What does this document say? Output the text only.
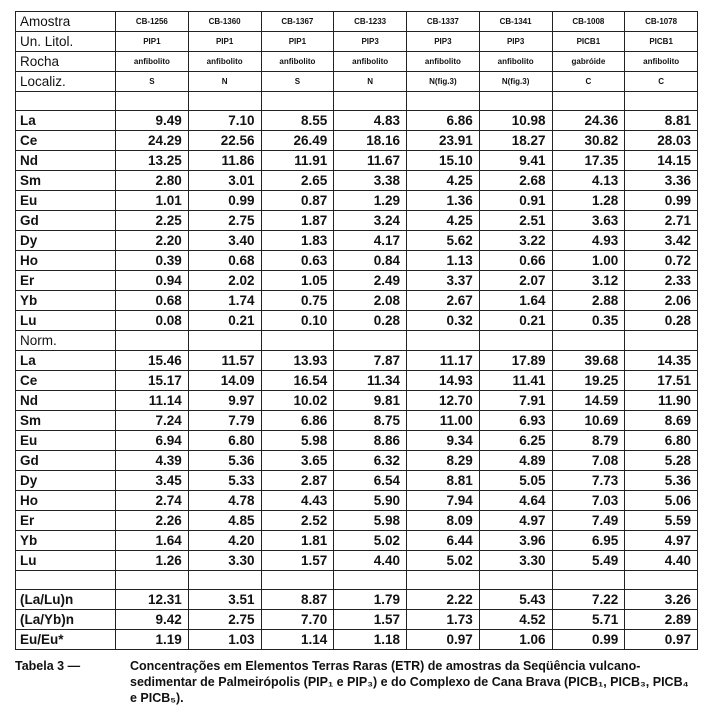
Amostra	CB-1256	CB-1360	CB-1367	CB-1233	CB-1337	CB-1341	CB-1008	CB-1078
Un. Litol.	PIP1	PIP1	PIP1	PIP3	PIP3	PIP3	PICB1	PICB1
Rocha	anfibolito	anfibolito	anfibolito	anfibolito	anfibolito	anfibolito	gabróide	anfibolito
Localiz.	S	N	S	N	N(fig.3)	N(fig.3)	C	C

La	9.49	7.10	8.55	4.83	6.86	10.98	24.36	8.81
Ce	24.29	22.56	26.49	18.16	23.91	18.27	30.82	28.03
Nd	13.25	11.86	11.91	11.67	15.10	9.41	17.35	14.15
Sm	2.80	3.01	2.65	3.38	4.25	2.68	4.13	3.36
Eu	1.01	0.99	0.87	1.29	1.36	0.91	1.28	0.99
Gd	2.25	2.75	1.87	3.24	4.25	2.51	3.63	2.71
Dy	2.20	3.40	1.83	4.17	5.62	3.22	4.93	3.42
Ho	0.39	0.68	0.63	0.84	1.13	0.66	1.00	0.72
Er	0.94	2.02	1.05	2.49	3.37	2.07	3.12	2.33
Yb	0.68	1.74	0.75	2.08	2.67	1.64	2.88	2.06
Lu	0.08	0.21	0.10	0.28	0.32	0.21	0.35	0.28
Norm.								
La	15.46	11.57	13.93	7.87	11.17	17.89	39.68	14.35
Ce	15.17	14.09	16.54	11.34	14.93	11.41	19.25	17.51
Nd	11.14	9.97	10.02	9.81	12.70	7.91	14.59	11.90
Sm	7.24	7.79	6.86	8.75	11.00	6.93	10.69	8.69
Eu	6.94	6.80	5.98	8.86	9.34	6.25	8.79	6.80
Gd	4.39	5.36	3.65	6.32	8.29	4.89	7.08	5.28
Dy	3.45	5.33	2.87	6.54	8.81	5.05	7.73	5.36
Ho	2.74	4.78	4.43	5.90	7.94	4.64	7.03	5.06
Er	2.26	4.85	2.52	5.98	8.09	4.97	7.49	5.59
Yb	1.64	4.20	1.81	5.02	6.44	3.96	6.95	4.97
Lu	1.26	3.30	1.57	4.40	5.02	3.30	5.49	4.40

(La/Lu)n	12.31	3.51	8.87	1.79	2.22	5.43	7.22	3.26
(La/Yb)n	9.42	2.75	7.70	1.57	1.73	4.52	5.71	2.89
Eu/Eu*	1.19	1.03	1.14	1.18	0.97	1.06	0.99	0.97
Tabela 3 —	Concentrações em Elementos Terras Raras (ETR) de amostras da Seqüência vulcano-sedimentar de Palmeirópolis (PIP₁ e PIP₃) e do Complexo de Cana Brava (PICB₁, PICB₃, PICB₄ e PICB₅).
